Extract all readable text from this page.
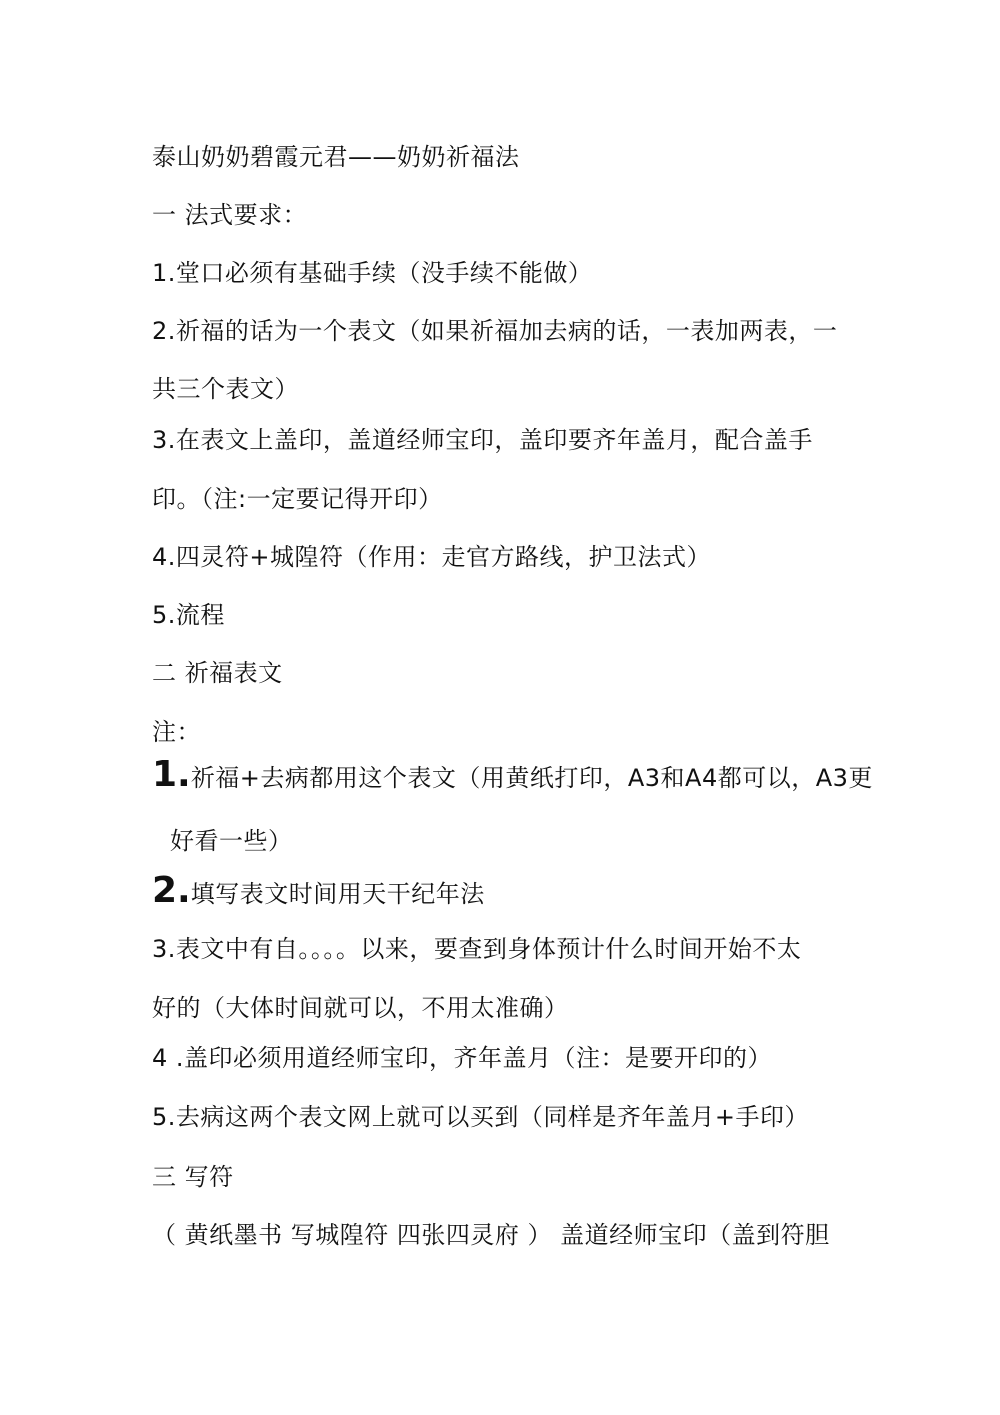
泰山奶奶碧霞元君——奶奶祈福法
一 法式要求：
1.堂口必须有基础手续（没手续不能做）
2.祈福的话为一个表文（如果祈福加去病的话，一表加两表，一
共三个表文）
3.在表文上盖印，盖道经师宝印，盖印要齐年盖月，配合盖手
印。（注:一定要记得开印）
4.四灵符+城隍符（作用：走官方路线，护卫法式）
5.流程
二 祈福表文
注：
1.祈福+去病都用这个表文（用黄纸打印，A3和A4都可以，A3更
好看一些）
2.填写表文时间用天干纪年法
3.表文中有自。。。。以来，要查到身体预计什么时间开始不太
好的（大体时间就可以，不用太准确）
4 .盖印必须用道经师宝印，齐年盖月（注：是要开印的）
5.去病这两个表文网上就可以买到（同样是齐年盖月+手印）
三 写符
（ 黄纸墨书 写城隍符 四张四灵府 ） 盖道经师宝印（盖到符胆
